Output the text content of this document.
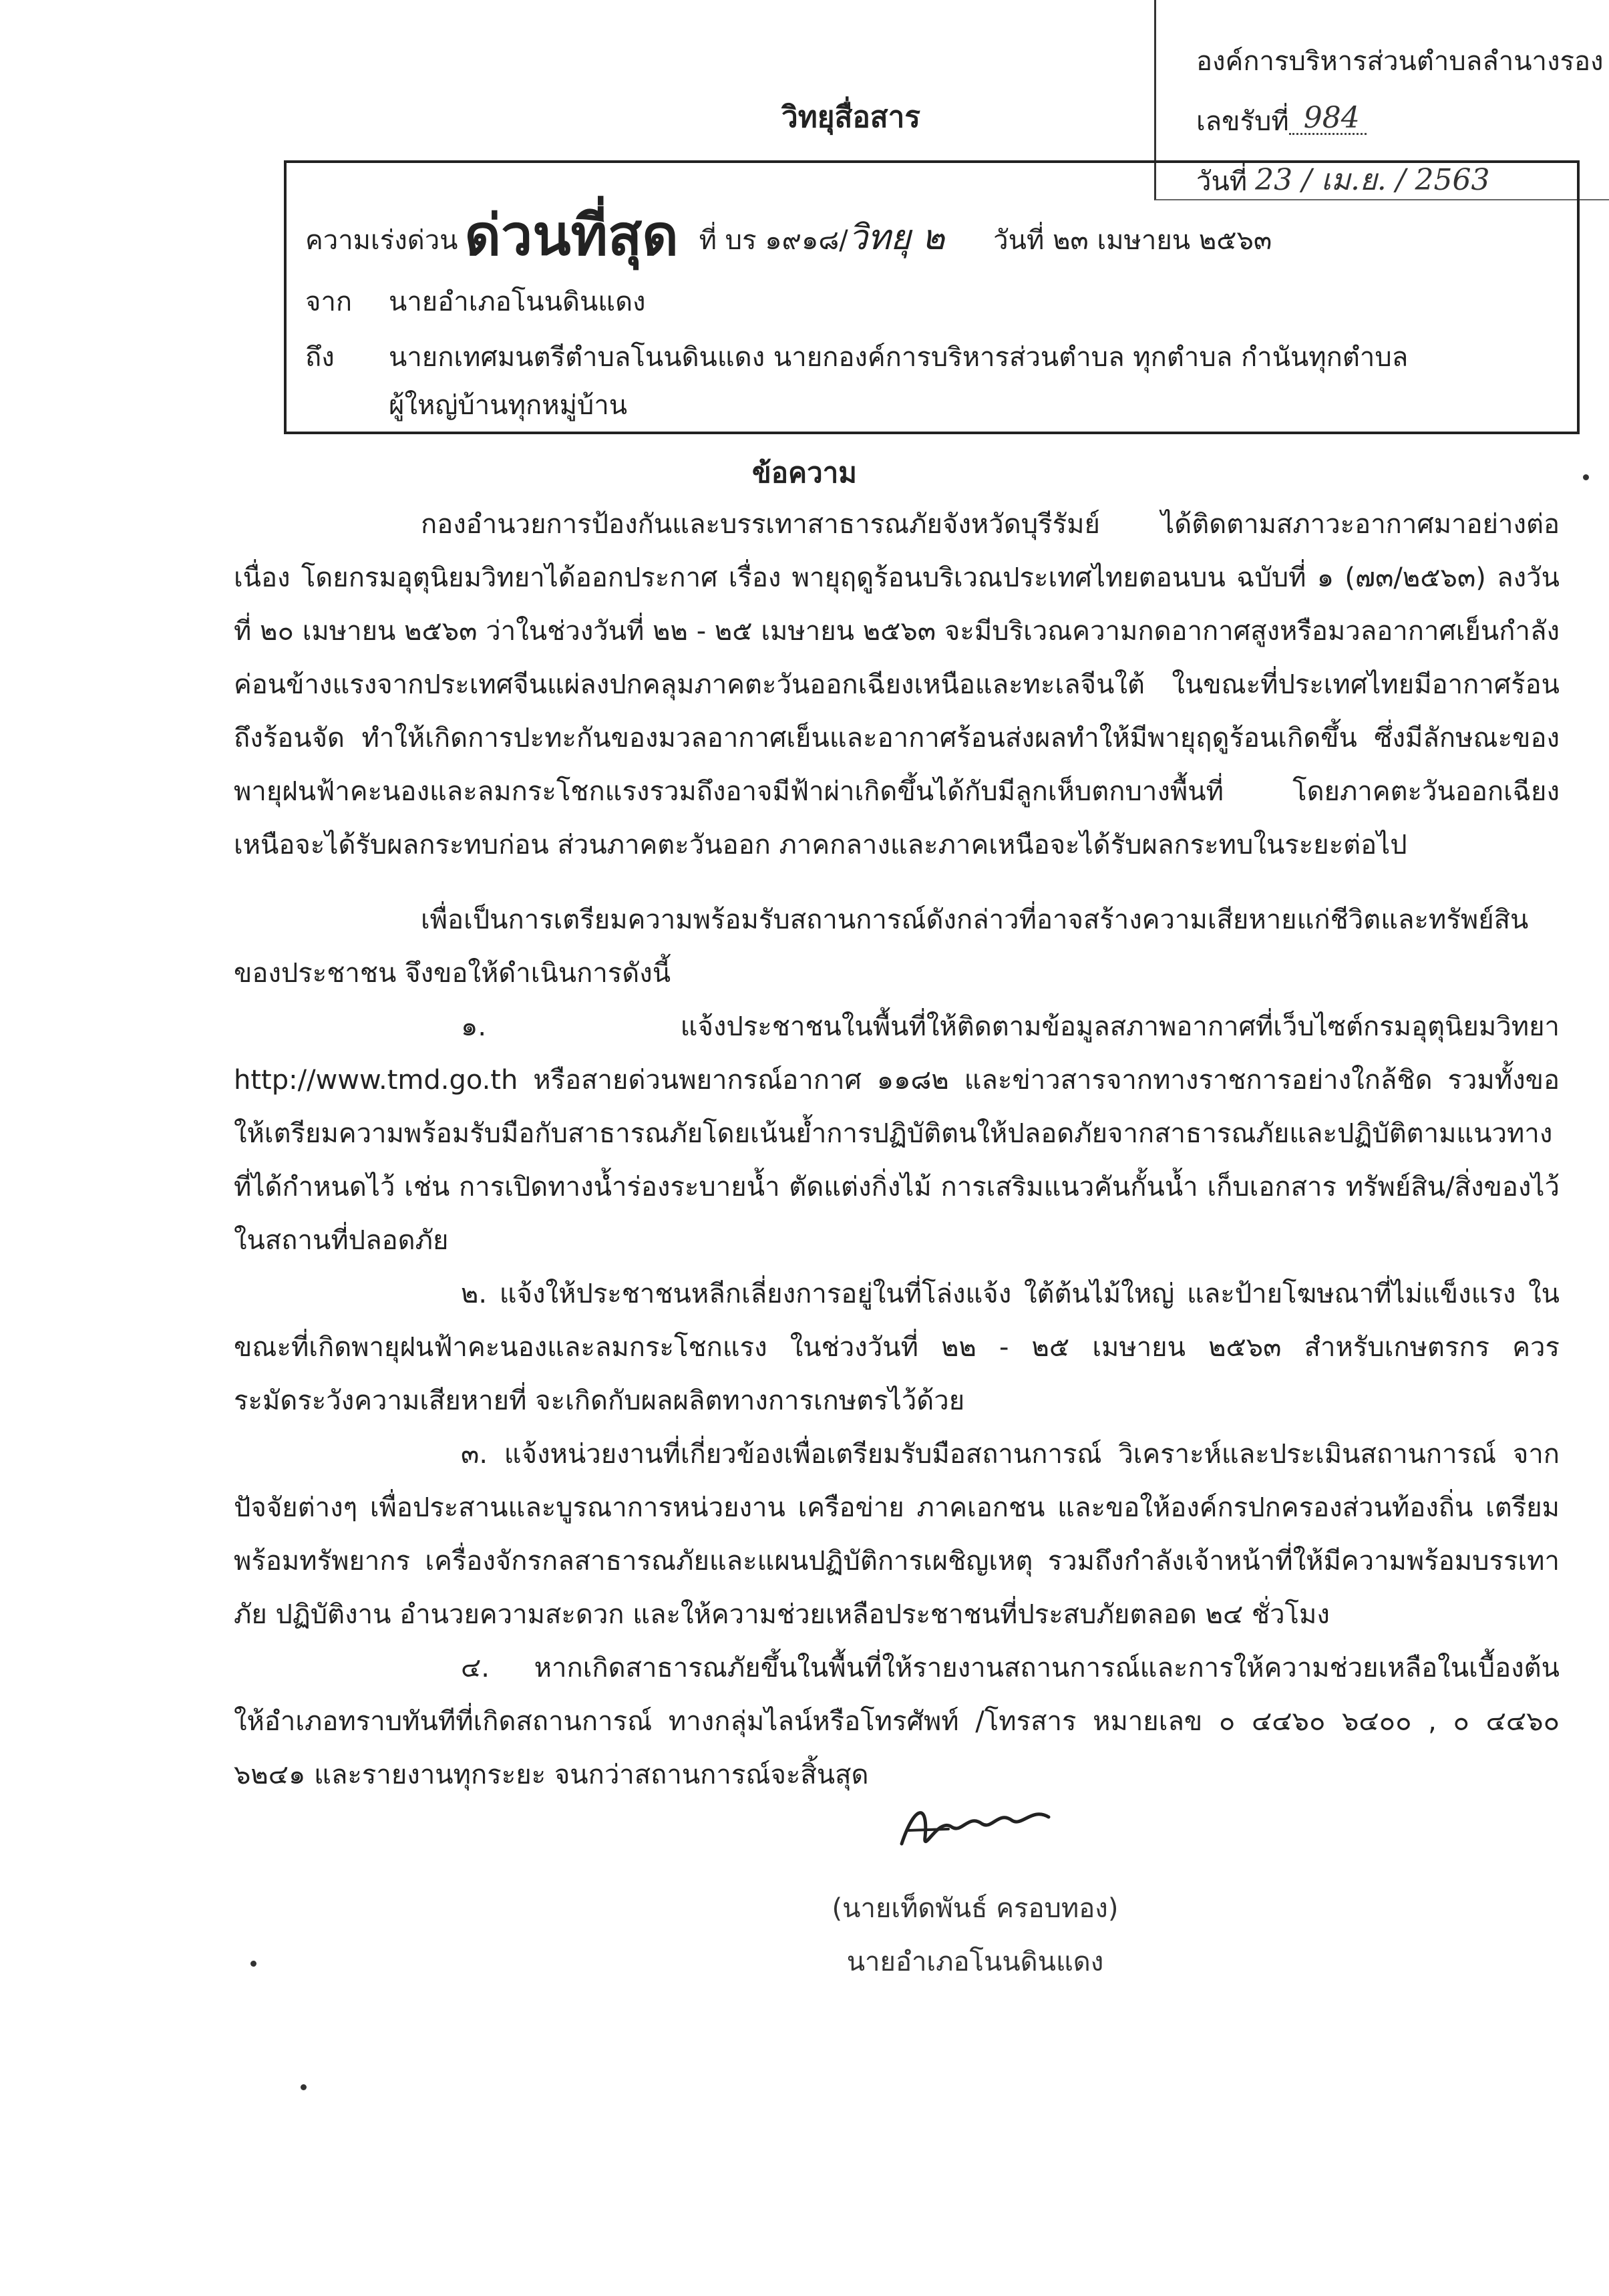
องค์การบริหารส่วนตำบลลำนางรอง
เลขรับที่ 984
วันที่ 23 / เม.ย. / 2563
วิทยุสื่อสาร
ความเร่งด่วน ด่วนที่สุด ที่ บร ๑๙๑๘/วิทยุ ๒ วันที่ ๒๓ เมษายน ๒๕๖๓
จาก นายอำเภอโนนดินแดง
ถึง นายกเทศมนตรีตำบลโนนดินแดง นายกองค์การบริหารส่วนตำบล ทุกตำบล กำนันทุกตำบล
ผู้ใหญ่บ้านทุกหมู่บ้าน
ข้อความ

กองอำนวยการป้องกันและบรรเทาสาธารณภัยจังหวัดบุรีรัมย์ ได้ติดตามสภาวะอากาศมาอย่างต่อเนื่อง โดยกรมอุตุนิยมวิทยาได้ออกประกาศ เรื่อง พายุฤดูร้อนบริเวณประเทศไทยตอนบน ฉบับที่ ๑ (๗๓/๒๕๖๓) ลงวันที่ ๒๐ เมษายน ๒๕๖๓ ว่าในช่วงวันที่ ๒๒ - ๒๕ เมษายน ๒๕๖๓ จะมีบริเวณความกดอากาศสูงหรือมวลอากาศเย็นกำลังค่อนข้างแรงจากประเทศจีนแผ่ลงปกคลุมภาคตะวันออกเฉียงเหนือและทะเลจีนใต้ ในขณะที่ประเทศไทยมีอากาศร้อนถึงร้อนจัด ทำให้เกิดการปะทะกันของมวลอากาศเย็นและอากาศร้อนส่งผลทำให้มีพายุฤดูร้อนเกิดขึ้น ซึ่งมีลักษณะของพายุฝนฟ้าคะนองและลมกระโชกแรงรวมถึงอาจมีฟ้าผ่าเกิดขึ้นได้กับมีลูกเห็บตกบางพื้นที่ โดยภาคตะวันออกเฉียงเหนือจะได้รับผลกระทบก่อน ส่วนภาคตะวันออก ภาคกลางและภาคเหนือจะได้รับผลกระทบในระยะต่อไป

เพื่อเป็นการเตรียมความพร้อมรับสถานการณ์ดังกล่าวที่อาจสร้างความเสียหายแก่ชีวิตและทรัพย์สิน ของประชาชน จึงขอให้ดำเนินการดังนี้

๑. แจ้งประชาชนในพื้นที่ให้ติดตามข้อมูลสภาพอากาศที่เว็บไซต์กรมอุตุนิยมวิทยา http://www.tmd.go.th หรือสายด่วนพยากรณ์อากาศ ๑๑๘๒ และข่าวสารจากทางราชการอย่างใกล้ชิด รวมทั้งขอให้เตรียมความพร้อมรับมือกับสาธารณภัยโดยเน้นย้ำการปฏิบัติตนให้ปลอดภัยจากสาธารณภัยและปฏิบัติตามแนวทางที่ได้กำหนดไว้ เช่น การเปิดทางน้ำร่องระบายน้ำ ตัดแต่งกิ่งไม้ การเสริมแนวคันกั้นน้ำ เก็บเอกสาร ทรัพย์สิน/สิ่งของไว้ในสถานที่ปลอดภัย

๒. แจ้งให้ประชาชนหลีกเลี่ยงการอยู่ในที่โล่งแจ้ง ใต้ต้นไม้ใหญ่ และป้ายโฆษณาที่ไม่แข็งแรง ในขณะที่เกิดพายุฝนฟ้าคะนองและลมกระโชกแรง ในช่วงวันที่ ๒๒ - ๒๕ เมษายน ๒๕๖๓ สำหรับเกษตรกร ควรระมัดระวังความเสียหายที่ จะเกิดกับผลผลิตทางการเกษตรไว้ด้วย

๓. แจ้งหน่วยงานที่เกี่ยวข้องเพื่อเตรียมรับมือสถานการณ์ วิเคราะห์และประเมินสถานการณ์ จากปัจจัยต่างๆ เพื่อประสานและบูรณาการหน่วยงาน เครือข่าย ภาคเอกชน และขอให้องค์กรปกครองส่วนท้องถิ่น เตรียมพร้อมทรัพยากร เครื่องจักรกลสาธารณภัยและแผนปฏิบัติการเผชิญเหตุ รวมถึงกำลังเจ้าหน้าที่ให้มีความพร้อมบรรเทาภัย ปฏิบัติงาน อำนวยความสะดวก และให้ความช่วยเหลือประชาชนที่ประสบภัยตลอด ๒๔ ชั่วโมง

๔. หากเกิดสาธารณภัยขึ้นในพื้นที่ให้รายงานสถานการณ์และการให้ความช่วยเหลือในเบื้องต้น ให้อำเภอทราบทันทีที่เกิดสถานการณ์ ทางกลุ่มไลน์หรือโทรศัพท์ /โทรสาร หมายเลข ๐ ๔๔๖๐ ๖๔๐๐ , ๐ ๔๔๖๐ ๖๒๔๑ และรายงานทุกระยะ จนกว่าสถานการณ์จะสิ้นสุด

(นายเท็ดพันธ์ ครอบทอง)
นายอำเภอโนนดินแดง
